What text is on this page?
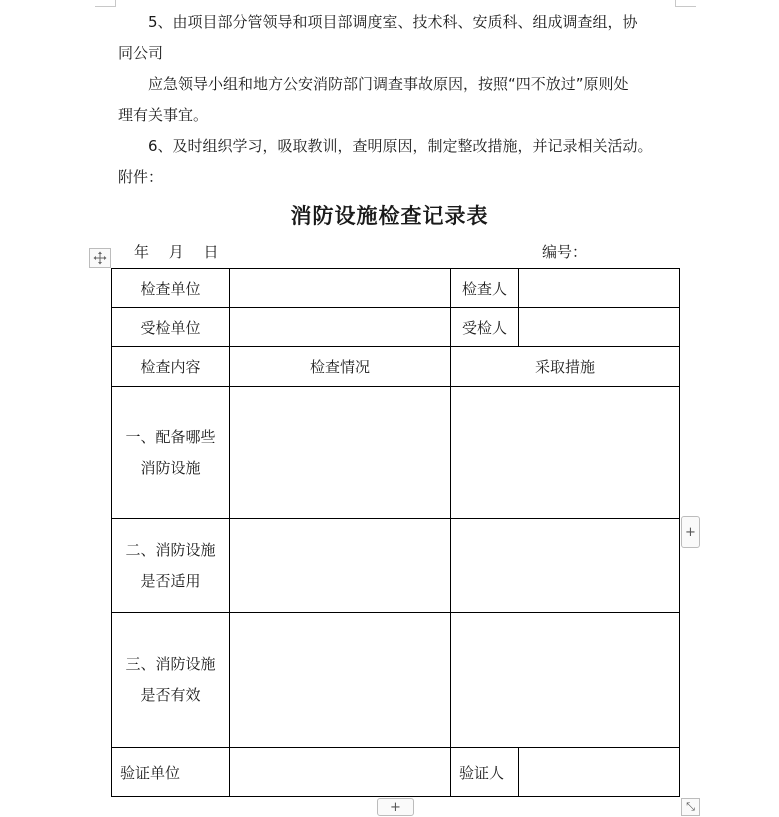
5、由项目部分管领导和项目部调度室、技术科、安质科、组成调查组，协
同公司
应急领导小组和地方公安消防部门调查事故原因，按照“四不放过”原则处
理有关事宜。
6、及时组织学习，吸取教训，查明原因，制定整改措施，并记录相关活动。
附件：
消防设施检查记录表
年　 月　 日	编号：
检查单位		检查人	
受检单位		受检人	
检查内容	检查情况	采取措施	

一、配备哪些
消防设施			

二、消防设施
是否适用			

三、消防设施
是否有效			

验证单位		验证人	
+
+	⤡
